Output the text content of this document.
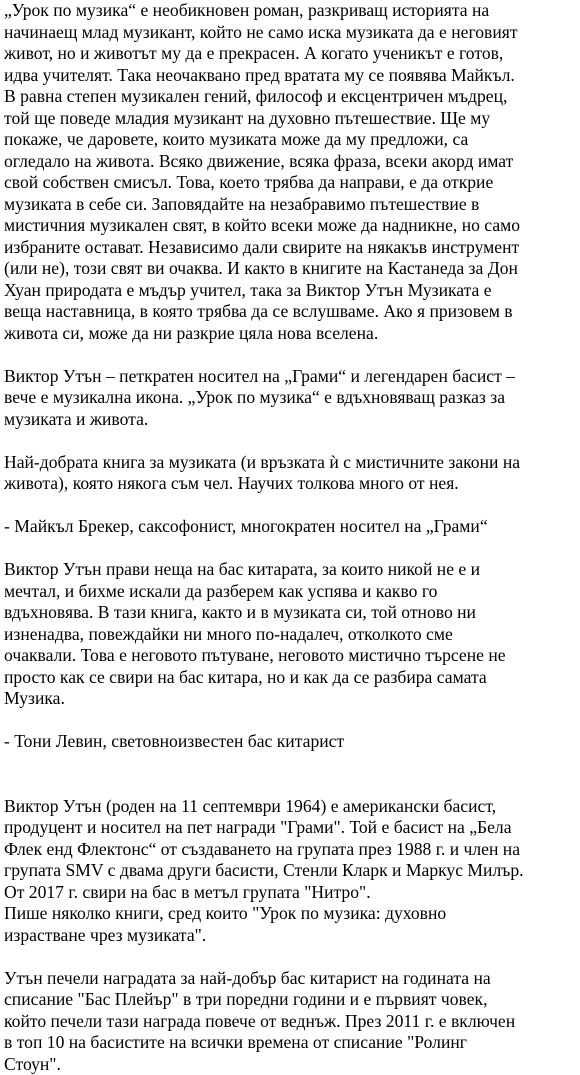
„Урок по музика“ е необикновен роман, разкриващ историята на
начинаещ млад музикант, който не само иска музиката да е неговият
живот, но и животът му да е прекрасен. А когато ученикът е готов,
идва учителят. Така неочаквано пред вратата му се появява Майкъл.
В равна степен музикален гений, философ и ексцентричен мъдрец,
той ще поведе младия музикант на духовно пътешествие. Ще му
покаже, че даровете, които музиката може да му предложи, са
огледало на живота. Всяко движение, всяка фраза, всеки акорд имат
свой собствен смисъл. Това, което трябва да направи, е да открие
музиката в себе си. Заповядайте на незабравимо пътешествие в
мистичния музикален свят, в който всеки може да надникне, но само
избраните остават. Независимо дали свирите на някакъв инструмент
(или не), този свят ви очаква. И както в книгите на Кастанеда за Дон
Хуан природата е мъдър учител, така за Виктор Утън Музиката е
веща наставница, в която трябва да се вслушваме. Ако я призовем в
живота си, може да ни разкрие цяла нова вселена.
Виктор Утън – петкратен носител на „Грами“ и легендарен басист –
вече е музикална икона. „Урок по музика“ е вдъхновяващ разказ за
музиката и живота.
Най-добрата книга за музиката (и връзката ѝ с мистичните закони на
живота), която някога съм чел. Научих толкова много от нея.
- Майкъл Брекер, саксофонист, многократен носител на „Грами“
Виктор Утън прави неща на бас китарата, за които никой не е и
мечтал, и бихме искали да разберем как успява и какво го
вдъхновява. В тази книга, както и в музиката си, той отново ни
изненадва, повеждайки ни много по-надалеч, отколкото сме
очаквали. Това е неговото пътуване, неговото мистично търсене не
просто как се свири на бас китара, но и как да се разбира самата
Музика.
- Тони Левин, световноизвестен бас китарист
Виктор Утън (роден на 11 септември 1964) е американски басист,
продуцент и носител на пет награди "Грами". Той е басист на „Бела
Флек енд Флектонс“ от създаването на групата през 1988 г. и член на
групата SMV с двама други басисти, Стенли Кларк и Маркус Милър.
От 2017 г. свири на бас в метъл групата "Нитро".
Пише няколко книги, сред които "Урок по музика: духовно
израстване чрез музиката".
Утън печели наградата за най-добър бас китарист на годината на
списание "Бас Плейър" в три поредни години и е първият човек,
който печели тази награда повече от веднъж. През 2011 г. е включен
в топ 10 на басистите на всички времена от списание "Ролинг
Стоун".
